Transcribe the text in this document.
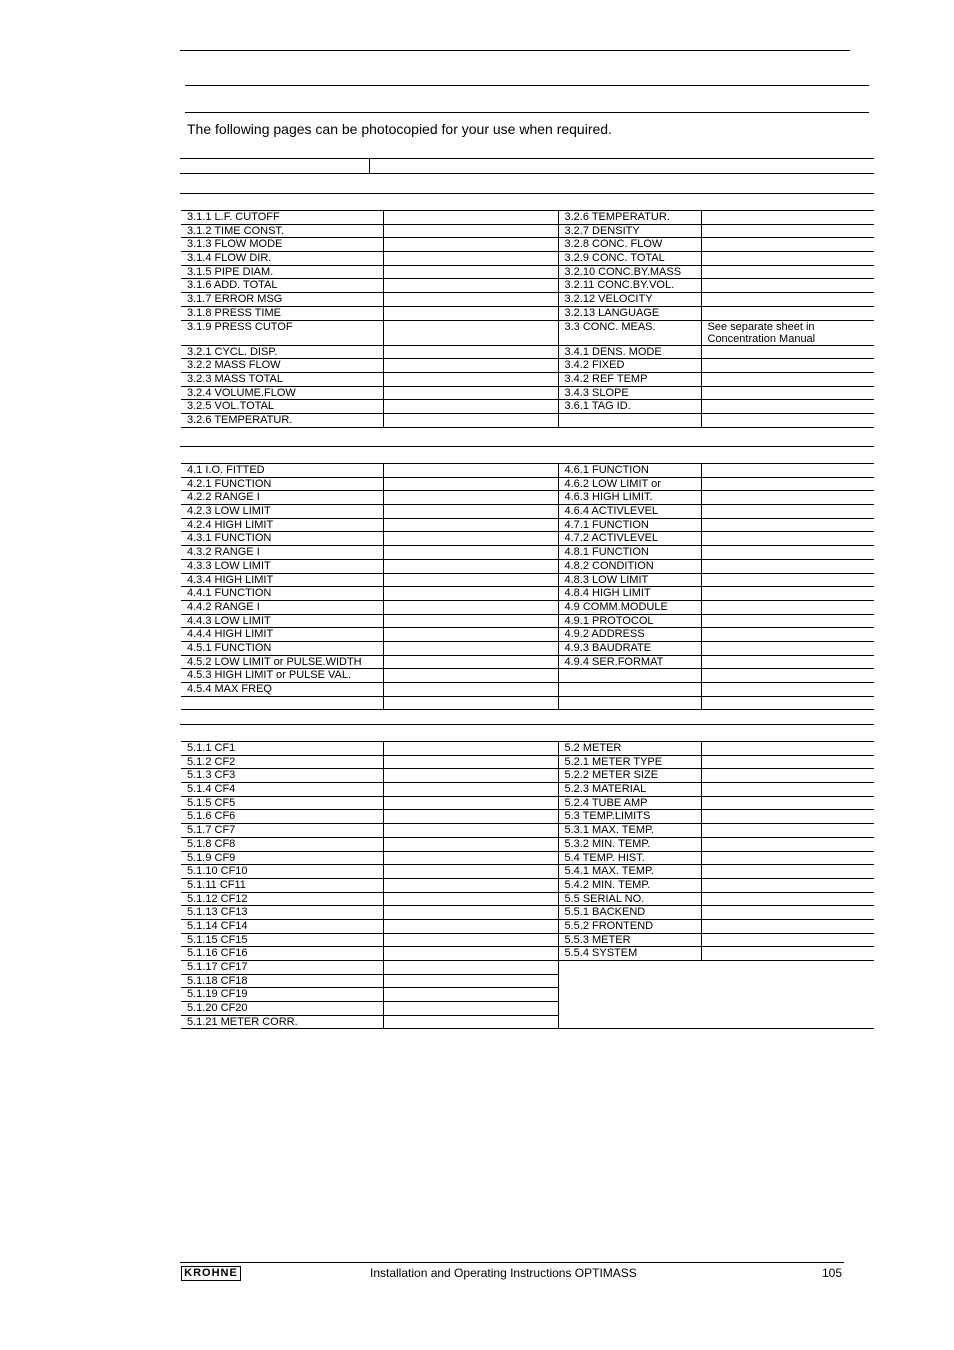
The following pages can be photocopied for your use when required.
3.1.1 L.F. CUTOFF		3.2.6 TEMPERATUR.	
3.1.2 TIME CONST.		3.2.7 DENSITY	
3.1.3 FLOW MODE		3.2.8 CONC. FLOW	
3.1.4 FLOW DIR.		3.2.9 CONC. TOTAL	
3.1.5 PIPE DIAM.		3.2.10 CONC.BY.MASS	
3.1.6 ADD. TOTAL		3.2.11 CONC.BY.VOL.	
3.1.7 ERROR MSG		3.2.12 VELOCITY	
3.1.8 PRESS TIME		3.2.13 LANGUAGE	
3.1.9 PRESS CUTOF		3.3 CONC. MEAS.	See separate sheet in Concentration Manual
3.2.1 CYCL. DISP.		3.4.1 DENS. MODE	
3.2.2 MASS FLOW		3.4.2 FIXED	
3.2.3 MASS TOTAL		3.4.2 REF TEMP	
3.2.4 VOLUME.FLOW		3.4.3 SLOPE	
3.2.5 VOL.TOTAL		3.6.1 TAG ID.	
3.2.6 TEMPERATUR.			
4.1 I.O. FITTED		4.6.1 FUNCTION	
4.2.1 FUNCTION		4.6.2 LOW LIMIT or	
4.2.2 RANGE I		4.6.3 HIGH LIMIT.	
4.2.3 LOW LIMIT		4.6.4 ACTIVLEVEL	
4.2.4 HIGH LIMIT		4.7.1 FUNCTION	
4.3.1 FUNCTION		4.7.2 ACTIVLEVEL	
4.3.2 RANGE I		4.8.1 FUNCTION	
4.3.3 LOW LIMIT		4.8.2 CONDITION	
4.3.4 HIGH LIMIT		4.8.3 LOW LIMIT	
4.4.1 FUNCTION		4.8.4 HIGH LIMIT	
4.4.2 RANGE I		4.9 COMM.MODULE	
4.4.3 LOW LIMIT		4.9.1 PROTOCOL	
4.4.4 HIGH LIMIT		4.9.2 ADDRESS	
4.5.1 FUNCTION		4.9.3 BAUDRATE	
4.5.2 LOW LIMIT or PULSE.WIDTH		4.9.4 SER.FORMAT	
4.5.3 HIGH LIMIT or PULSE VAL.			
4.5.4 MAX FREQ			

5.1.1 CF1		5.2 METER	
5.1.2 CF2		5.2.1 METER TYPE	
5.1.3 CF3		5.2.2 METER SIZE	
5.1.4 CF4		5.2.3 MATERIAL	
5.1.5 CF5		5.2.4 TUBE AMP	
5.1.6 CF6		5.3 TEMP.LIMITS	
5.1.7 CF7		5.3.1 MAX. TEMP.	
5.1.8 CF8		5.3.2 MIN. TEMP.	
5.1.9 CF9		5.4 TEMP. HIST.	
5.1.10 CF10		5.4.1 MAX. TEMP.	
5.1.11 CF11		5.4.2 MIN. TEMP.	
5.1.12 CF12		5.5 SERIAL NO.	
5.1.13 CF13		5.5.1 BACKEND	
5.1.14 CF14		5.5.2 FRONTEND	
5.1.15 CF15		5.5.3 METER	
5.1.16 CF16		5.5.4 SYSTEM	
5.1.17 CF17			
5.1.18 CF18			
5.1.19 CF19			
5.1.20 CF20			
5.1.21 METER CORR.			
KROHNE	Installation and Operating Instructions OPTIMASS	105
